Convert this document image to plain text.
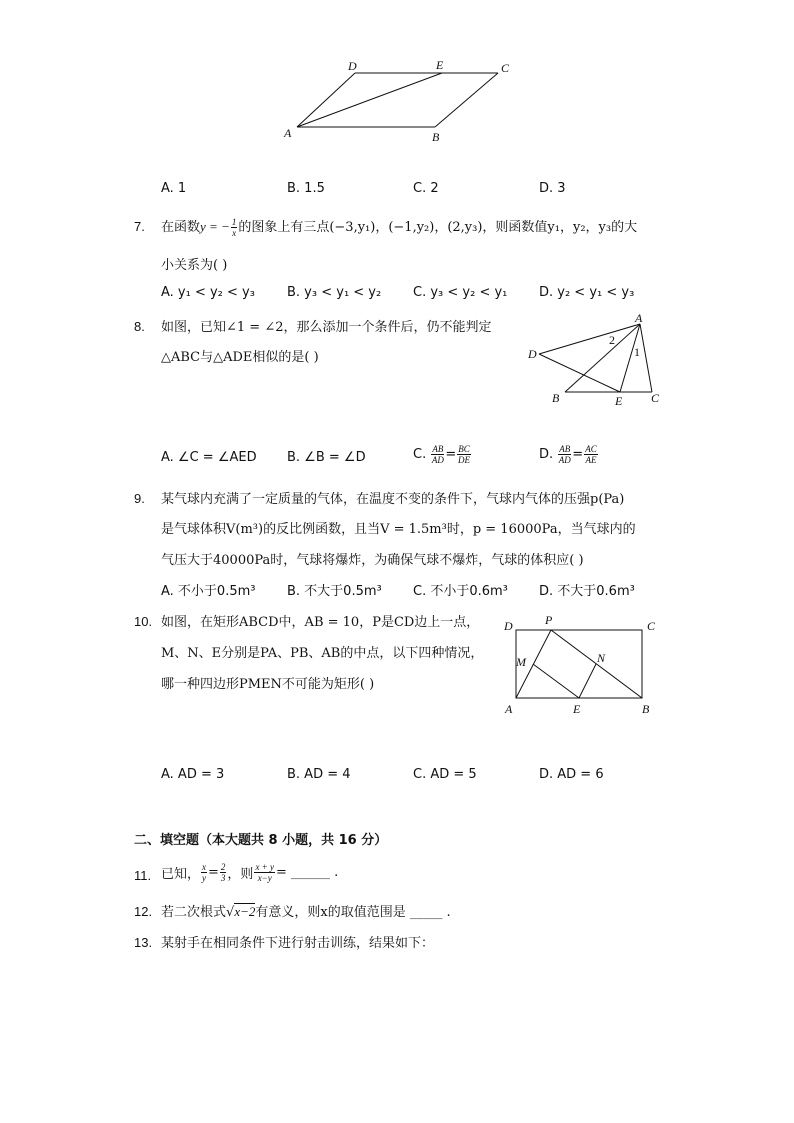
D	E	C
A	B
A. 1	B. 1.5	C. 2	D. 3
7. 在函数y = − $\frac{1}{x}$ 的图象上有三点(−3,y₁)，(−1,y₂)，(2,y₃)，则函数值y₁，y₂，y₃的大
小关系为( )
A. y₁ < y₂ < y₃ B. y₃ < y₁ < y₂ C. y₃ < y₂ < y₁ D. y₂ < y₁ < y₃
8. 如图，已知∠1 = ∠2，那么添加一个条件后，仍不能判定
△ABC与△ADE相似的是( )
A
D
B	E C
1
2
A. ∠C = ∠AED B. ∠B = ∠D	C. $\frac{AB}{AD} = \frac{BC}{DE}$	D. $\frac{AB}{AD} = \frac{AC}{AE}$
9. 某气球内充满了一定质量的气体，在温度不变的条件下，气球内气体的压强p(Pa)
是气球体积V(m³)的反比例函数，且当V = 1.5m³时，p = 16000Pa，当气球内的
气压大于40000Pa时，气球将爆炸，为确保气球不爆炸，气球的体积应( )
A. 不小于0.5m³ B. 不大于0.5m³ C. 不小于0.6m³ D. 不大于0.6m³
10. 如图，在矩形ABCD中，AB = 10，P是CD边上一点，
M、N、E分别是PA、PB、AB的中点，以下四种情况，
哪一种四边形PMEN不可能为矩形( )
D	P	C
M	N
A	E	B
A. AD = 3	B. AD = 4	C. AD = 5	D. AD = 6
二、填空题（本大题共 8 小题，共 16 分）
11. 已知， $\frac{x}{y} = \frac{2}{3}$ ，则 $\frac{x + y}{x-y}$ = ______ .
12. 若二次根式√x−2有意义，则x的取值范围是 _____ .
13. 某射手在相同条件下进行射击训练，结果如下：
